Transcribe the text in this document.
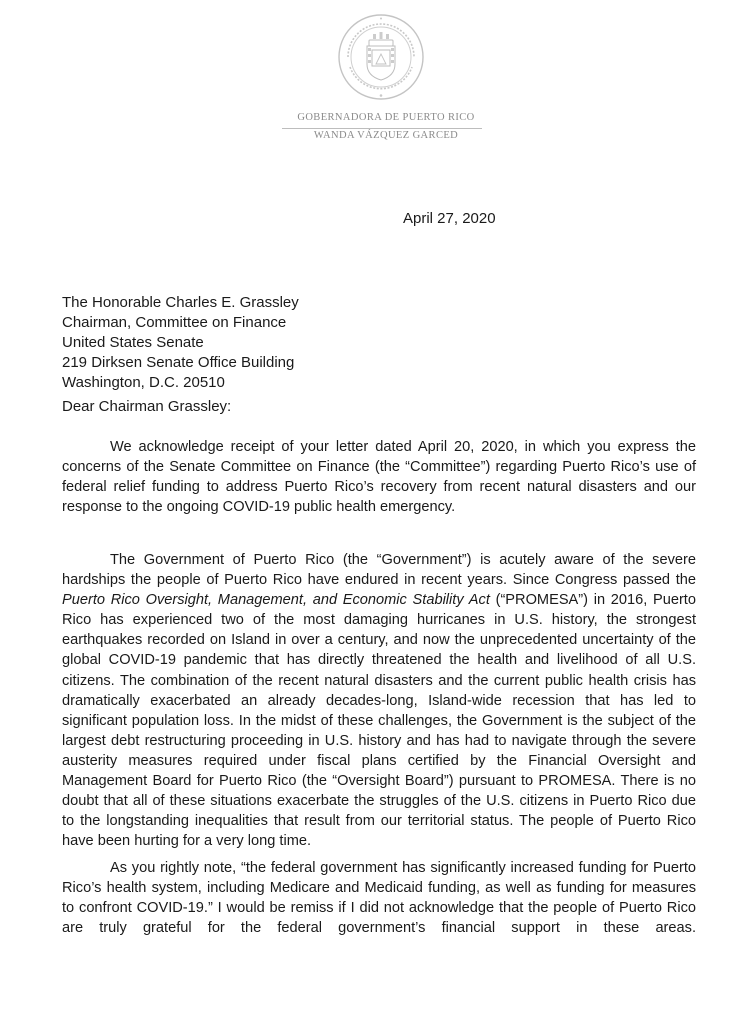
GOBERNADORA DE PUERTO RICO
WANDA VÁZQUEZ GARCED
April 27, 2020
The Honorable Charles E. Grassley
Chairman, Committee on Finance
United States Senate
219 Dirksen Senate Office Building
Washington, D.C. 20510
Dear Chairman Grassley:

We acknowledge receipt of your letter dated April 20, 2020, in which you express the concerns of the Senate Committee on Finance (the “Committee”) regarding Puerto Rico’s use of federal relief funding to address Puerto Rico’s recovery from recent natural disasters and our response to the ongoing COVID-19 public health emergency.

The Government of Puerto Rico (the “Government”) is acutely aware of the severe hardships the people of Puerto Rico have endured in recent years. Since Congress passed the Puerto Rico Oversight, Management, and Economic Stability Act (“PROMESA”) in 2016, Puerto Rico has experienced two of the most damaging hurricanes in U.S. history, the strongest earthquakes recorded on Island in over a century, and now the unprecedented uncertainty of the global COVID-19 pandemic that has directly threatened the health and livelihood of all U.S. citizens. The combination of the recent natural disasters and the current public health crisis has dramatically exacerbated an already decades-long, Island-wide recession that has led to significant population loss. In the midst of these challenges, the Government is the subject of the largest debt restructuring proceeding in U.S. history and has had to navigate through the severe austerity measures required under fiscal plans certified by the Financial Oversight and Management Board for Puerto Rico (the “Oversight Board”) pursuant to PROMESA. There is no doubt that all of these situations exacerbate the struggles of the U.S. citizens in Puerto Rico due to the longstanding inequalities that result from our territorial status. The people of Puerto Rico have been hurting for a very long time.

As you rightly note, “the federal government has significantly increased funding for Puerto Rico’s health system, including Medicare and Medicaid funding, as well as funding for measures to confront COVID-19.” I would be remiss if I did not acknowledge that the people of Puerto Rico are truly grateful for the federal government’s financial support in these areas.
